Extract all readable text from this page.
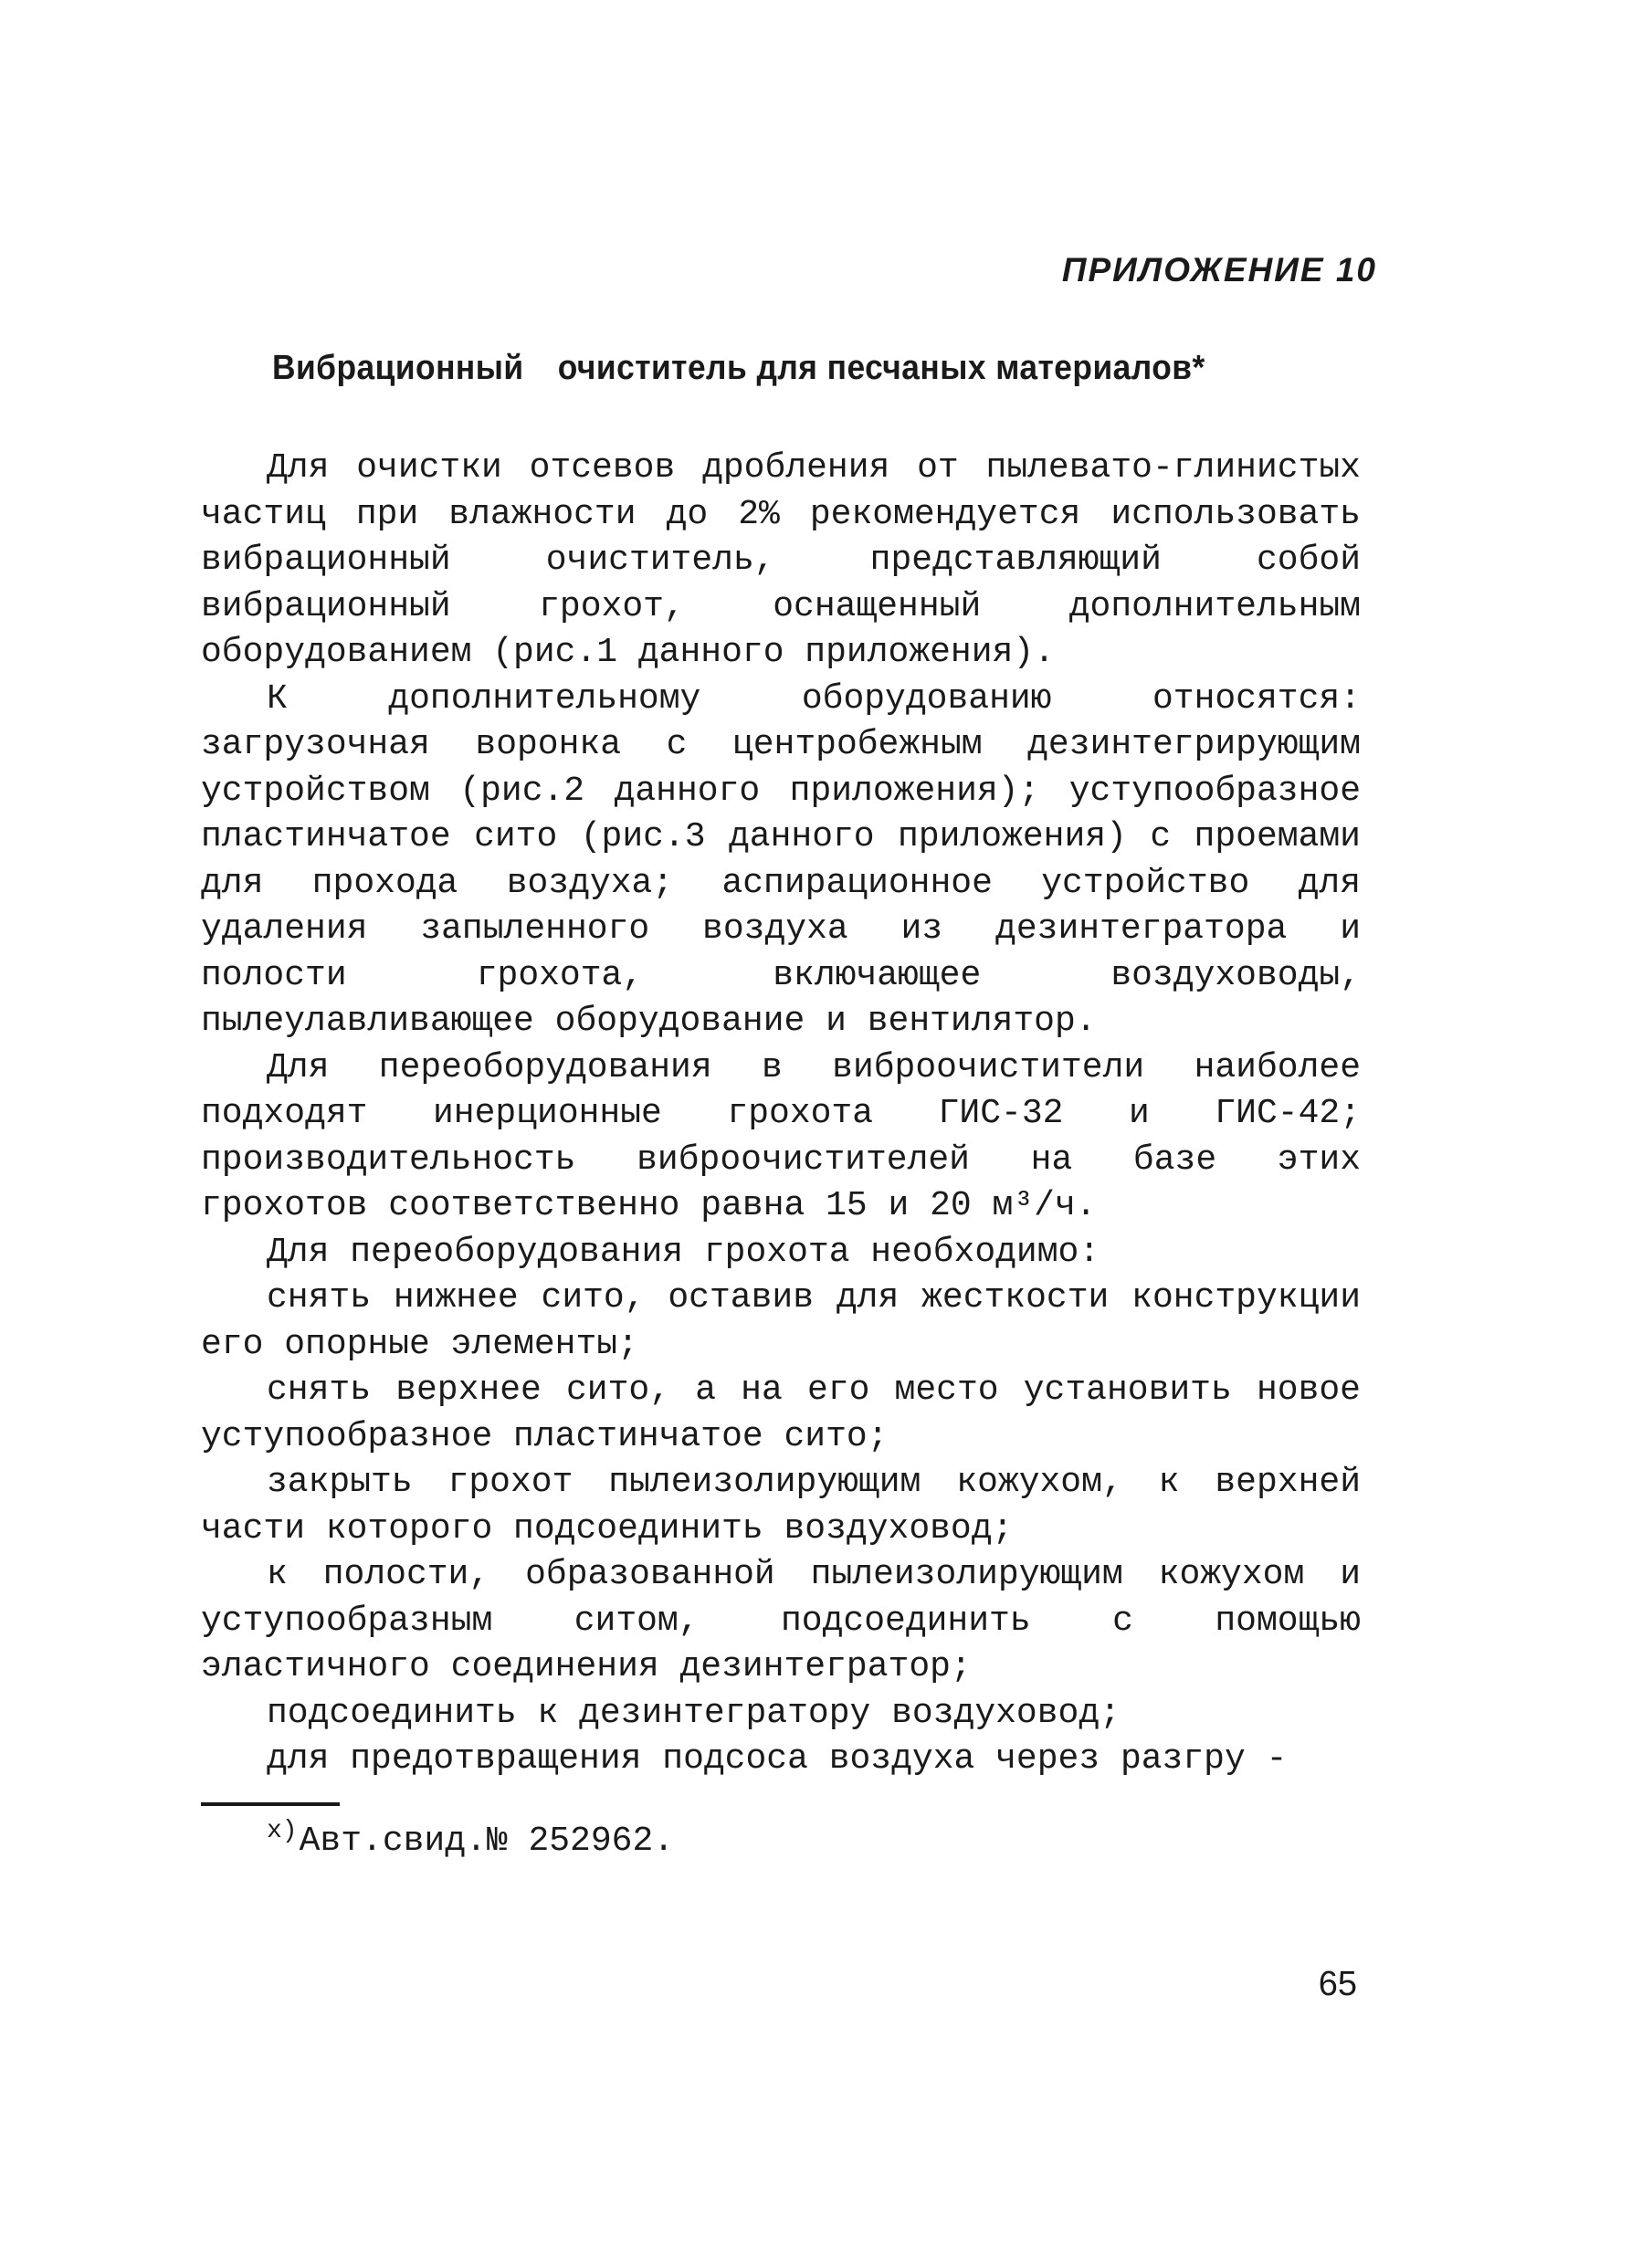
ПРИЛОЖЕНИЕ 10
Вибрационный очиститель для песчаных материалов*

Для очистки отсевов дробления от пылевато-глинистых частиц при влажности до 2% рекомендуется использовать вибрационный очиститель, представляющий собой вибрационный грохот, оснащенный дополнительным оборудованием (рис.1 данного приложения).

К дополнительному оборудованию относятся: загрузочная воронка с центробежным дезинтегрирующим устройством (рис.2 данного приложения); уступообразное пластинчатое сито (рис.3 данного приложения) с проемами для прохода воздуха; аспирационное устройство для удаления запыленного воздуха из дезинтегратора и полости грохота, включающее воздуховоды, пылеулавливающее оборудование и вентилятор.

Для переоборудования в виброочистители наиболее подходят инерционные грохота ГИС-32 и ГИС-42; производительность виброочистителей на базе этих грохотов соответственно равна 15 и 20 м³/ч.

Для переоборудования грохота необходимо:

снять нижнее сито, оставив для жесткости конструкции его опорные элементы;

снять верхнее сито, а на его место установить новое уступообразное пластинчатое сито;

закрыть грохот пылеизолирующим кожухом, к верхней части которого подсоединить воздуховод;

к полости, образованной пылеизолирующим кожухом и уступообразным ситом, подсоединить с помощью эластичного соединения дезинтегратор;

подсоединить к дезинтегратору воздуховод;

для предотвращения подсоса воздуха через разгру -

$^{x)}$Авт.свид.№ 252962.
65
